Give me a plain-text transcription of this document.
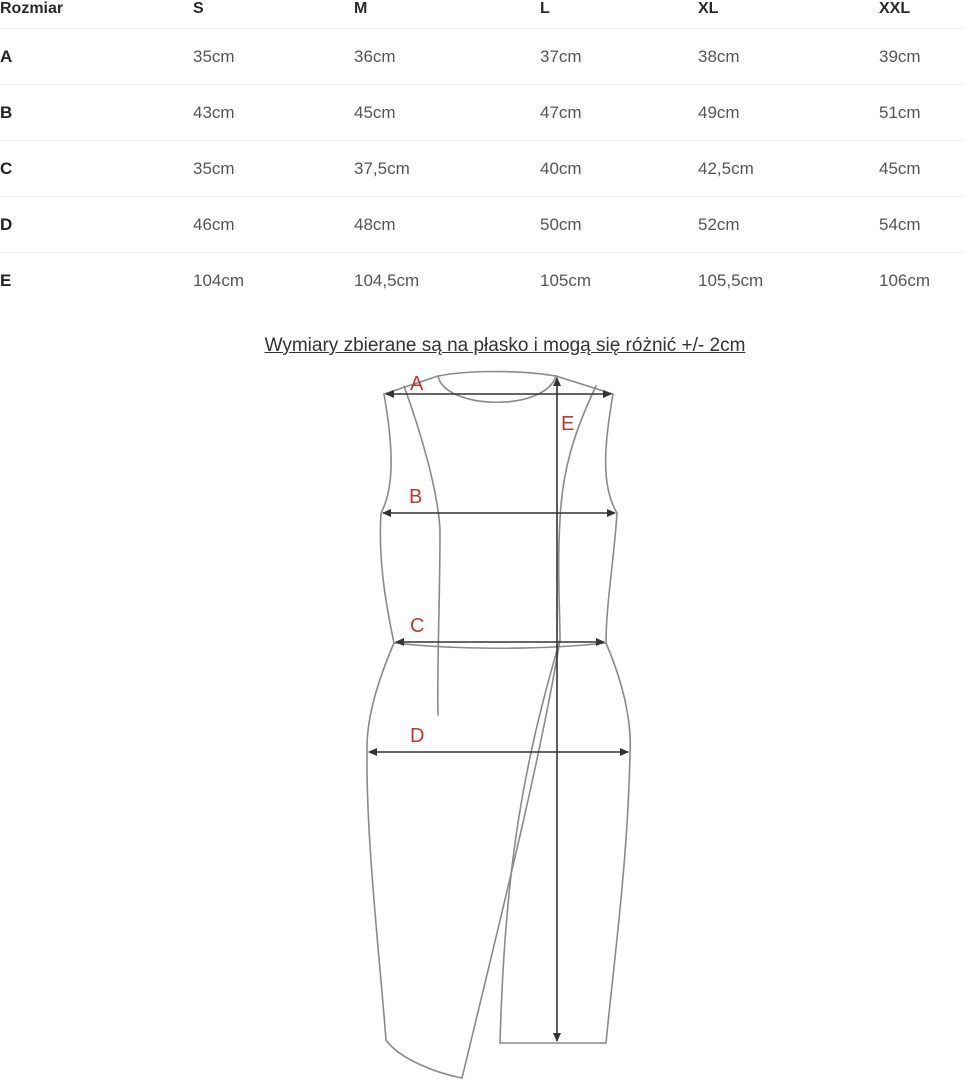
Rozmiar	S	M	L	XL	XXL
A	35cm	36cm	37cm	38cm	39cm
B	43cm	45cm	47cm	49cm	51cm
C	35cm	37,5cm	40cm	42,5cm	45cm
D	46cm	48cm	50cm	52cm	54cm
E	104cm	104,5cm	105cm	105,5cm	106cm
Wymiary zbierane są na płasko i mogą się różnić +/- 2cm
A
B
C
D
E
